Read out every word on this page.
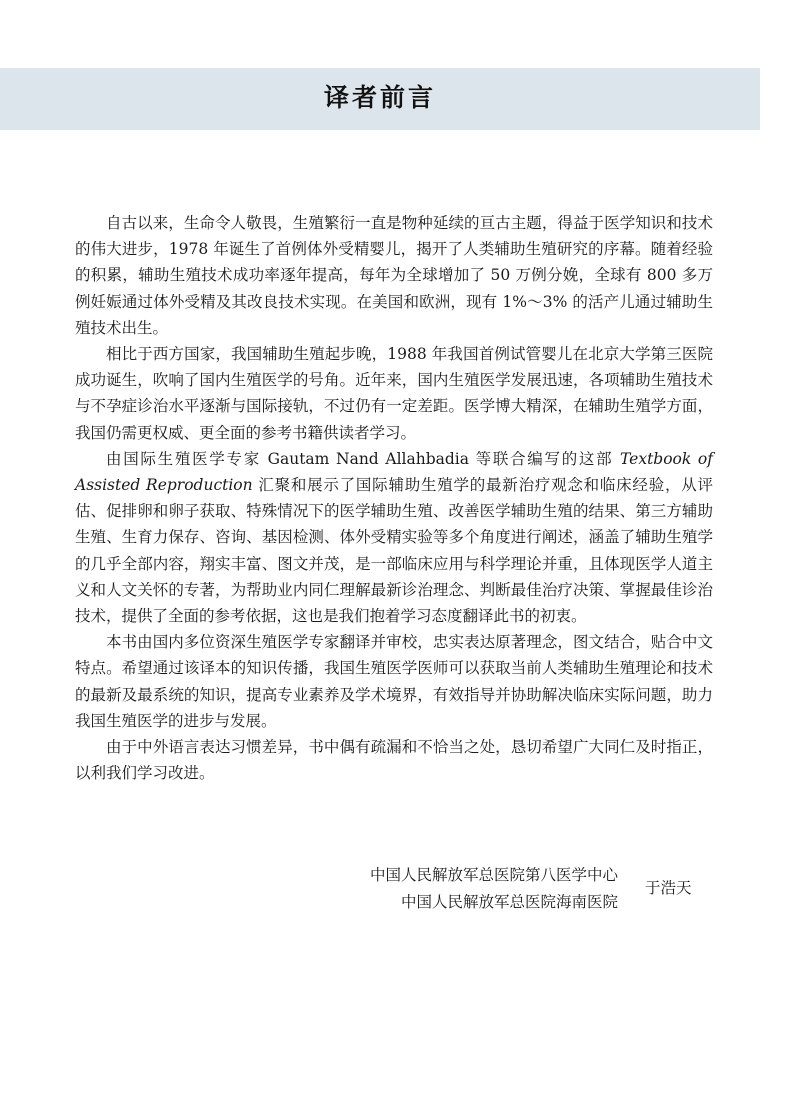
译者前言

自古以来，生命令人敬畏，生殖繁衍一直是物种延续的亘古主题，得益于医学知识和技术的伟大进步，1978 年诞生了首例体外受精婴儿，揭开了人类辅助生殖研究的序幕。随着经验的积累，辅助生殖技术成功率逐年提高，每年为全球增加了 50 万例分娩，全球有 800 多万例妊娠通过体外受精及其改良技术实现。在美国和欧洲，现有 1%～3% 的活产儿通过辅助生殖技术出生。

相比于西方国家，我国辅助生殖起步晚，1988 年我国首例试管婴儿在北京大学第三医院成功诞生，吹响了国内生殖医学的号角。近年来，国内生殖医学发展迅速，各项辅助生殖技术与不孕症诊治水平逐渐与国际接轨，不过仍有一定差距。医学博大精深，在辅助生殖学方面，我国仍需更权威、更全面的参考书籍供读者学习。

由国际生殖医学专家 Gautam Nand Allahbadia 等联合编写的这部 Textbook of Assisted Reproduction 汇聚和展示了国际辅助生殖学的最新治疗观念和临床经验，从评估、促排卵和卵子获取、特殊情况下的医学辅助生殖、改善医学辅助生殖的结果、第三方辅助生殖、生育力保存、咨询、基因检测、体外受精实验等多个角度进行阐述，涵盖了辅助生殖学的几乎全部内容，翔实丰富、图文并茂，是一部临床应用与科学理论并重，且体现医学人道主义和人文关怀的专著，为帮助业内同仁理解最新诊治理念、判断最佳治疗决策、掌握最佳诊治技术，提供了全面的参考依据，这也是我们抱着学习态度翻译此书的初衷。

本书由国内多位资深生殖医学专家翻译并审校，忠实表达原著理念，图文结合，贴合中文特点。希望通过该译本的知识传播，我国生殖医学医师可以获取当前人类辅助生殖理论和技术的最新及最系统的知识，提高专业素养及学术境界，有效指导并协助解决临床实际问题，助力我国生殖医学的进步与发展。

由于中外语言表达习惯差异，书中偶有疏漏和不恰当之处，恳切希望广大同仁及时指正，以利我们学习改进。

中国人民解放军总医院第八医学中心
中国人民解放军总医院海南医院
于浩天
